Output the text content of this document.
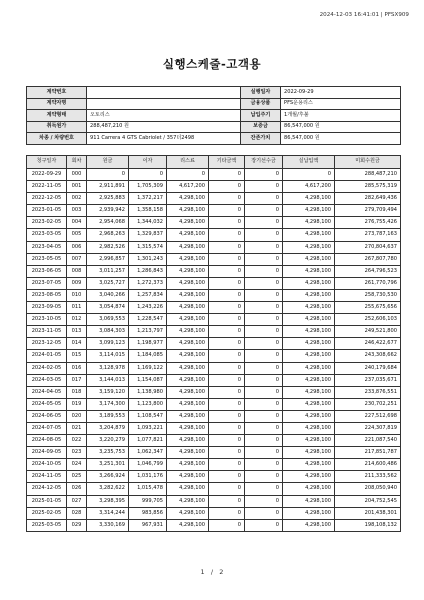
2024-12-03 16:41:01 | PFSX909
실행스케줄-고객용
계약번호		실행일자	2022-09-29
계약자명		금융상품	PFS운용리스
계약형태	오토리스	납입주기	1개월/후불
취득원가	288,487,210 원	보증금	86,547,000 원
차종 / 차량번호	911 Carrera 4 GTS Cabriolet / 357더2498	잔존가치	86,547,000 원
청구일자	회차	원금	이자	리스료	기타금액	장기선수금	실납입액	미회수원금
2022-09-29	000	0	0	0	0	0	0	288,487,210
2022-11-05	001	2,911,891	1,705,309	4,617,200	0	0	4,617,200	285,575,319
2022-12-05	002	2,925,883	1,372,217	4,298,100	0	0	4,298,100	282,649,436
2023-01-05	003	2,939,942	1,358,158	4,298,100	0	0	4,298,100	279,709,494
2023-02-05	004	2,954,068	1,344,032	4,298,100	0	0	4,298,100	276,755,426
2023-03-05	005	2,968,263	1,329,837	4,298,100	0	0	4,298,100	273,787,163
2023-04-05	006	2,982,526	1,315,574	4,298,100	0	0	4,298,100	270,804,637
2023-05-05	007	2,996,857	1,301,243	4,298,100	0	0	4,298,100	267,807,780
2023-06-05	008	3,011,257	1,286,843	4,298,100	0	0	4,298,100	264,796,523
2023-07-05	009	3,025,727	1,272,373	4,298,100	0	0	4,298,100	261,770,796
2023-08-05	010	3,040,266	1,257,834	4,298,100	0	0	4,298,100	258,730,530
2023-09-05	011	3,054,874	1,243,226	4,298,100	0	0	4,298,100	255,675,656
2023-10-05	012	3,069,553	1,228,547	4,298,100	0	0	4,298,100	252,606,103
2023-11-05	013	3,084,303	1,213,797	4,298,100	0	0	4,298,100	249,521,800
2023-12-05	014	3,099,123	1,198,977	4,298,100	0	0	4,298,100	246,422,677
2024-01-05	015	3,114,015	1,184,085	4,298,100	0	0	4,298,100	243,308,662
2024-02-05	016	3,128,978	1,169,122	4,298,100	0	0	4,298,100	240,179,684
2024-03-05	017	3,144,013	1,154,087	4,298,100	0	0	4,298,100	237,035,671
2024-04-05	018	3,159,120	1,138,980	4,298,100	0	0	4,298,100	233,876,551
2024-05-05	019	3,174,300	1,123,800	4,298,100	0	0	4,298,100	230,702,251
2024-06-05	020	3,189,553	1,108,547	4,298,100	0	0	4,298,100	227,512,698
2024-07-05	021	3,204,879	1,093,221	4,298,100	0	0	4,298,100	224,307,819
2024-08-05	022	3,220,279	1,077,821	4,298,100	0	0	4,298,100	221,087,540
2024-09-05	023	3,235,753	1,062,347	4,298,100	0	0	4,298,100	217,851,787
2024-10-05	024	3,251,301	1,046,799	4,298,100	0	0	4,298,100	214,600,486
2024-11-05	025	3,266,924	1,031,176	4,298,100	0	0	4,298,100	211,333,562
2024-12-05	026	3,282,622	1,015,478	4,298,100	0	0	4,298,100	208,050,940
2025-01-05	027	3,298,395	999,705	4,298,100	0	0	4,298,100	204,752,545
2025-02-05	028	3,314,244	983,856	4,298,100	0	0	4,298,100	201,438,301
2025-03-05	029	3,330,169	967,931	4,298,100	0	0	4,298,100	198,108,132
1 / 2
